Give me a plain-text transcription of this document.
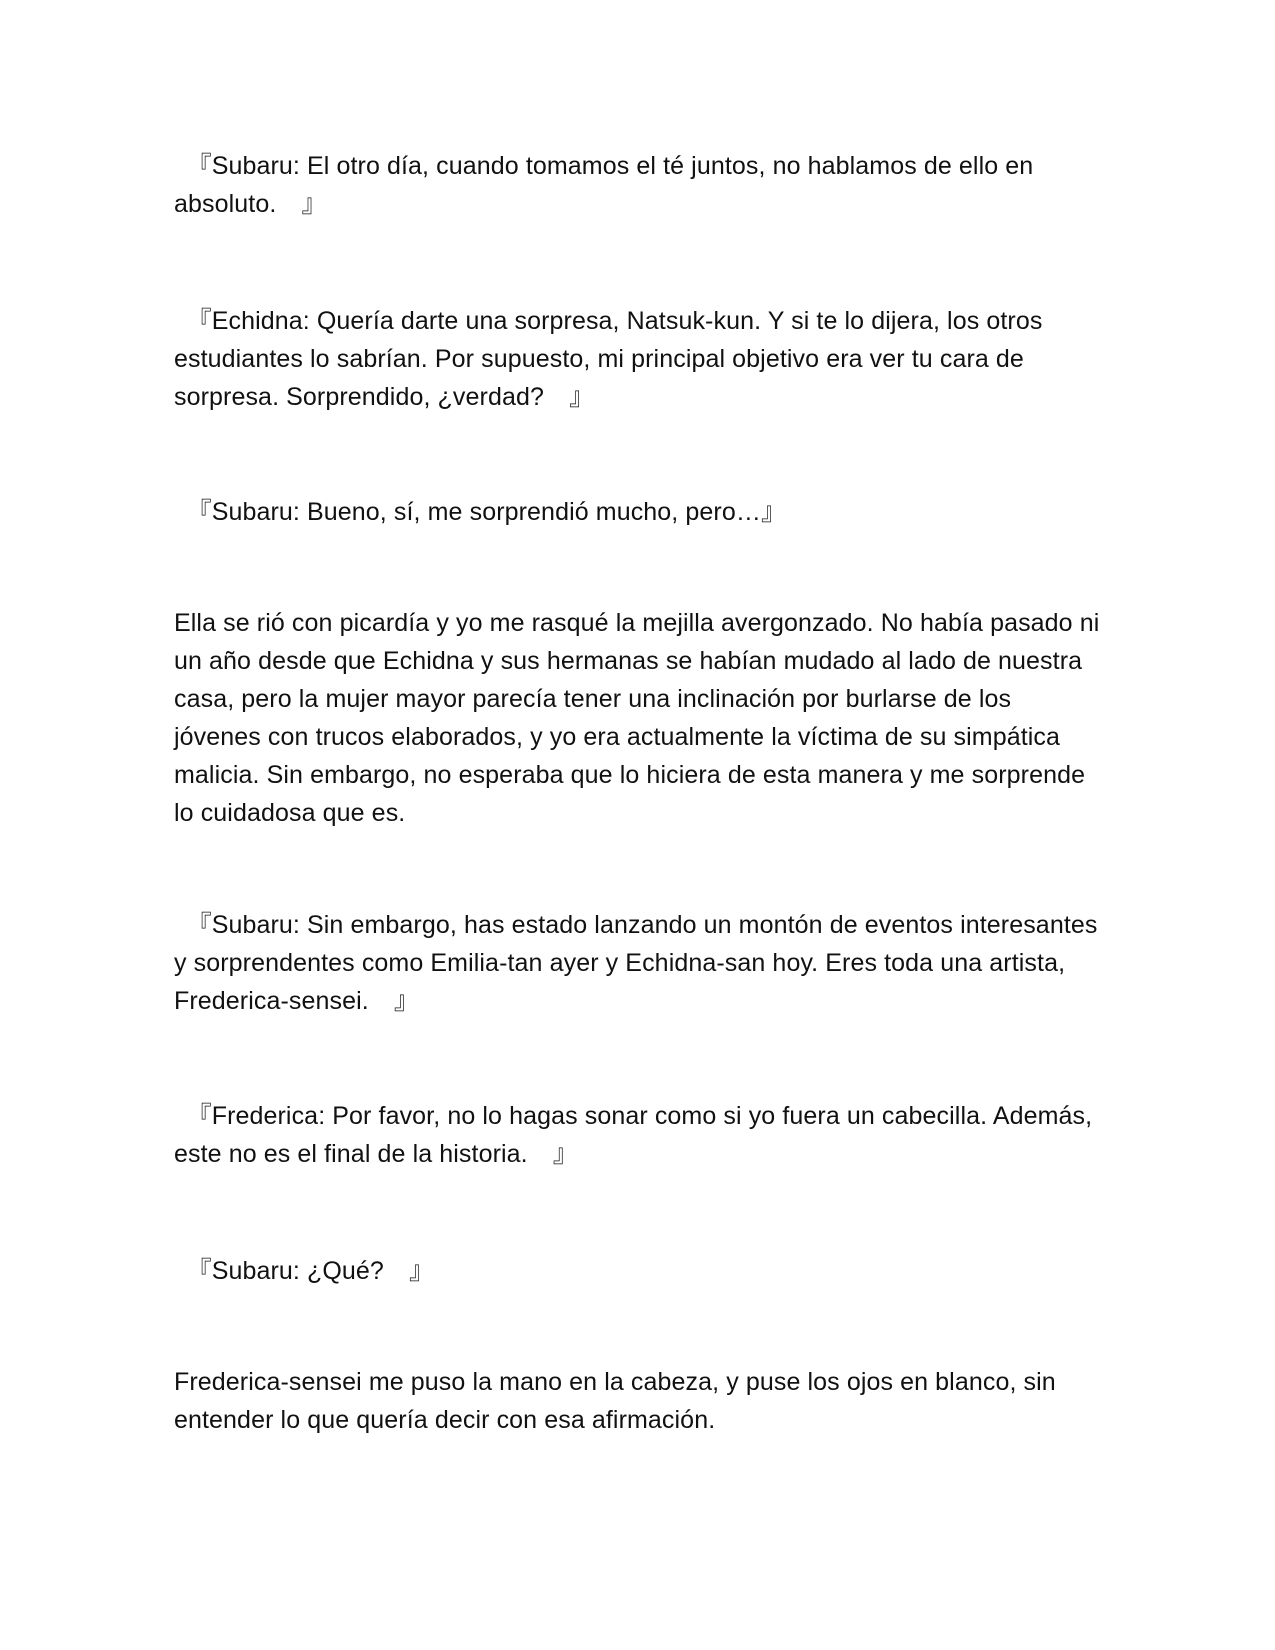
　『Subaru: El otro día, cuando tomamos el té juntos, no hablamos de ello en absoluto.　』

　『Echidna: Quería darte una sorpresa, Natsuk-kun. Y si te lo dijera, los otros estudiantes lo sabrían. Por supuesto, mi principal objetivo era ver tu cara de sorpresa. Sorprendido, ¿verdad?　』

　『Subaru: Bueno, sí, me sorprendió mucho, pero…』

Ella se rió con picardía y yo me rasqué la mejilla avergonzado. No había pasado ni un año desde que Echidna y sus hermanas se habían mudado al lado de nuestra casa, pero la mujer mayor parecía tener una inclinación por burlarse de los jóvenes con trucos elaborados, y yo era actualmente la víctima de su simpática malicia. Sin embargo, no esperaba que lo hiciera de esta manera y me sorprende lo cuidadosa que es.

　『Subaru: Sin embargo, has estado lanzando un montón de eventos interesantes y sorprendentes como Emilia-tan ayer y Echidna-san hoy. Eres toda una artista, Frederica-sensei.　』

　『Frederica: Por favor, no lo hagas sonar como si yo fuera un cabecilla. Además, este no es el final de la historia.　』

　『Subaru: ¿Qué?　』

Frederica-sensei me puso la mano en la cabeza, y puse los ojos en blanco, sin entender lo que quería decir con esa afirmación.
